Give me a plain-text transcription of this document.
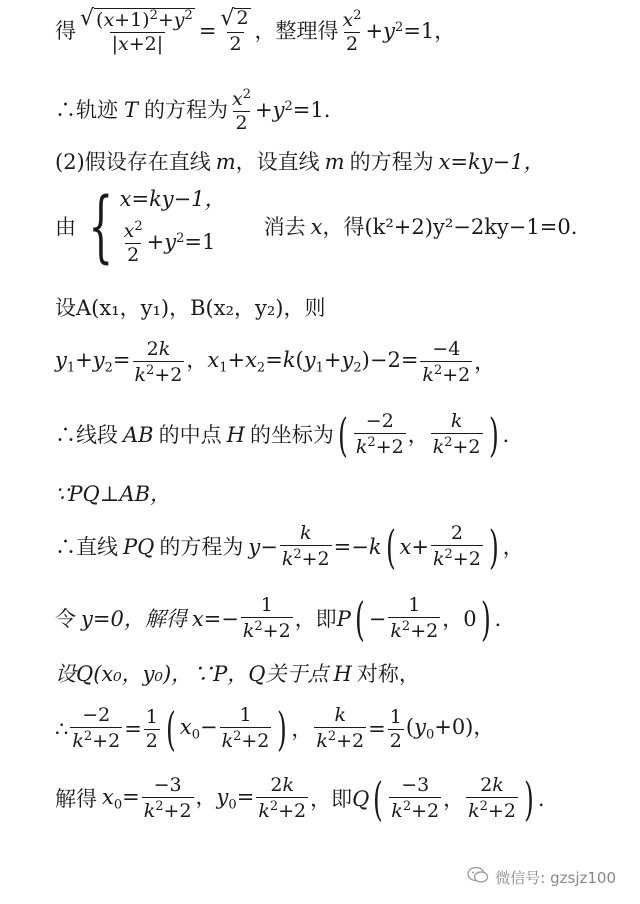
得 $\frac{√ (x+1)^2+y^2}{|x+2|} = \frac{√ 2}{2}$ ，整理得 $\frac{x^2}{2} +y^2=1$，
∴轨迹 T 的方程为 $\frac{x^2}{2} +y^2=1$.
(2)假设存在直线 m ，设直线 m 的方程为 x=ky−1，
由 { x=ky−1，
$\frac{x^2}{2} +y^2=1$
消去 x ，得(k²+2)y²−2ky−1=0.
设A(x₁，y₁)，B(x₂，y₂)，则
$y_1+y_2= \frac{2k}{k^2+2}$ ，$x_1+x_2=k(y_1+y_2)-2= \frac{-4}{k^2+2}$ ，
∴线段 AB 的中点 H 的坐标为 ( $\frac{-2}{k^2+2}$ ， $\frac{k}{k^2+2}$ ) .
∵PQ⊥AB，
∴直线 PQ 的方程为 $y- \frac{k}{k^2+2} =-k$ ( $x+ \frac{2}{k^2+2}$ ) ，
令 y=0，解得 $x=- \frac{1}{k^2+2}$ ，即 P ( − $\frac{1}{k^2+2}$ ，0 ) .
设Q(x₀，y₀)，∵P，Q关于点 H 对称，
∴ $\frac{-2}{k^2+2} = \frac{1}{2}$ ( $x_0- \frac{1}{k^2+2}$ ) ， $\frac{k}{k^2+2} = \frac{1}{2} (y_0+0)$，
解得 $x_0= \frac{-3}{k^2+2}$ ，$y_0= \frac{2k}{k^2+2}$ ，即 Q ( $\frac{-3}{k^2+2}$ ， $\frac{2k}{k^2+2}$ ) .
微信号: gzsjz100
